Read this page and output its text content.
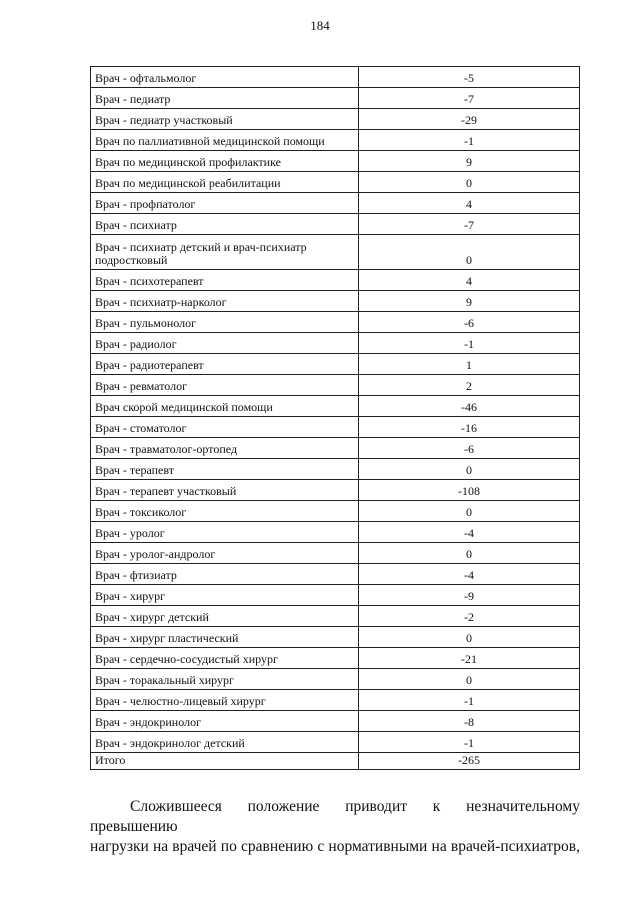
184
Врач - офтальмолог	-5
Врач - педиатр	-7
Врач - педиатр участковый	-29
Врач по паллиативной медицинской помощи	-1
Врач по медицинской профилактике	9
Врач по медицинской реабилитации	0
Врач - профпатолог	4
Врач - психиатр	-7
Врач - психиатр детский и врач-психиатр подростковый	0
Врач - психотерапевт	4
Врач - психиатр-нарколог	9
Врач - пульмонолог	-6
Врач - радиолог	-1
Врач - радиотерапевт	1
Врач - ревматолог	2
Врач скорой медицинской помощи	-46
Врач - стоматолог	-16
Врач - травматолог-ортопед	-6
Врач - терапевт	0
Врач - терапевт участковый	-108
Врач - токсиколог	0
Врач - уролог	-4
Врач - уролог-андролог	0
Врач - фтизиатр	-4
Врач - хирург	-9
Врач - хирург детский	-2
Врач - хирург пластический	0
Врач - сердечно-сосудистый хирург	-21
Врач - торакальный хирург	0
Врач - челюстно-лицевый хирург	-1
Врач - эндокринолог	-8
Врач - эндокринолог детский	-1
Итого	-265
Сложившееся положение приводит к незначительному превышению
нагрузки на врачей по сравнению с нормативными на врачей-психиатров,
